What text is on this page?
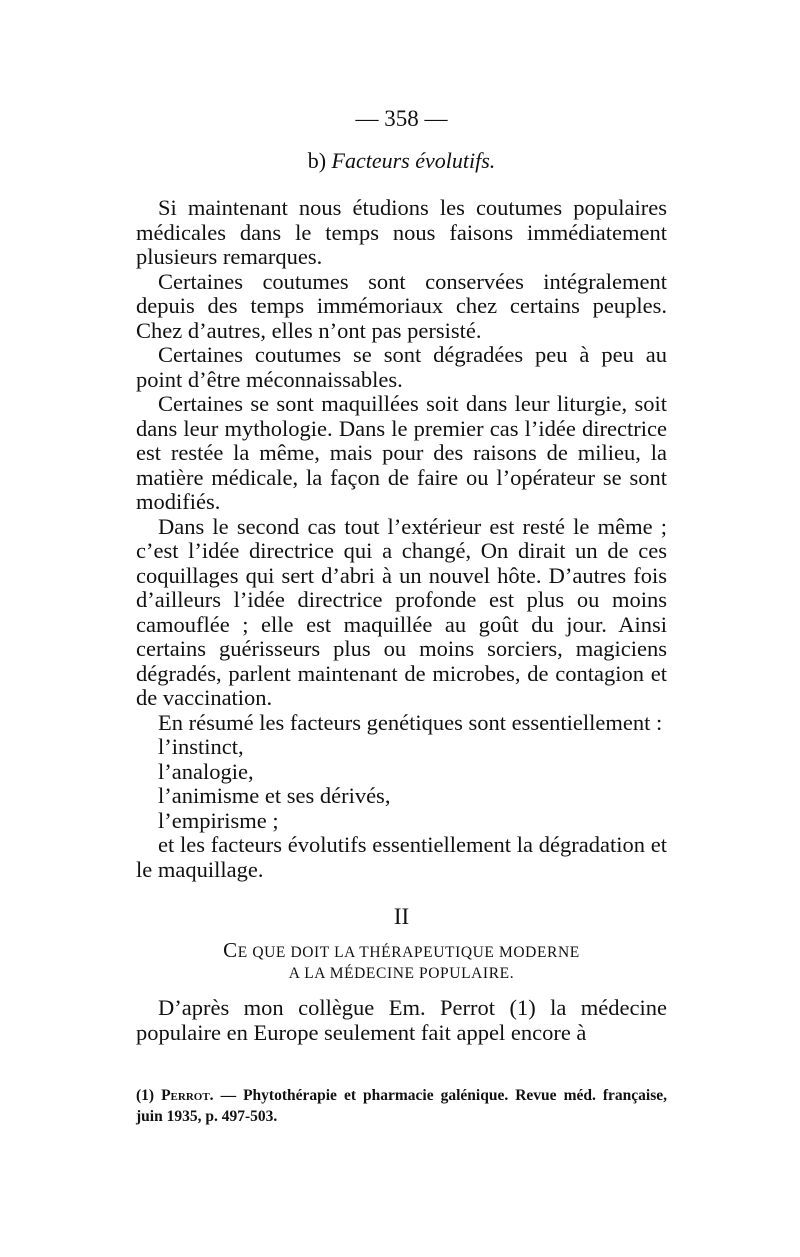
— 358 —
b) Facteurs évolutifs.

Si maintenant nous étudions les coutumes populaires médicales dans le temps nous faisons immédiatement plusieurs remarques.

Certaines coutumes sont conservées intégralement depuis des temps immémoriaux chez certains peuples. Chez d’autres, elles n’ont pas persisté.

Certaines coutumes se sont dégradées peu à peu au point d’être méconnaissables.

Certaines se sont maquillées soit dans leur liturgie, soit dans leur mythologie. Dans le premier cas l’idée directrice est restée la même, mais pour des raisons de milieu, la matière médicale, la façon de faire ou l’opérateur se sont modifiés.

Dans le second cas tout l’extérieur est resté le même ; c’est l’idée directrice qui a changé, On dirait un de ces coquillages qui sert d’abri à un nouvel hôte. D’autres fois d’ailleurs l’idée directrice profonde est plus ou moins camouflée ; elle est maquillée au goût du jour. Ainsi certains guérisseurs plus ou moins sorciers, magiciens dégradés, parlent maintenant de microbes, de contagion et de vaccination.

En résumé les facteurs genétiques sont essentiellement :

l’instinct,

l’analogie,

l’animisme et ses dérivés,

l’empirisme ;

et les facteurs évolutifs essentiellement la dégradation et le maquillage.

II
CE QUE DOIT LA THÉRAPEUTIQUE MODERNE
A LA MÉDECINE POPULAIRE.

D’après mon collègue Em. Perrot (1) la médecine populaire en Europe seulement fait appel encore à

(1) Perrot. — Phytothérapie et pharmacie galénique. Revue méd. française, juin 1935, p. 497-503.
